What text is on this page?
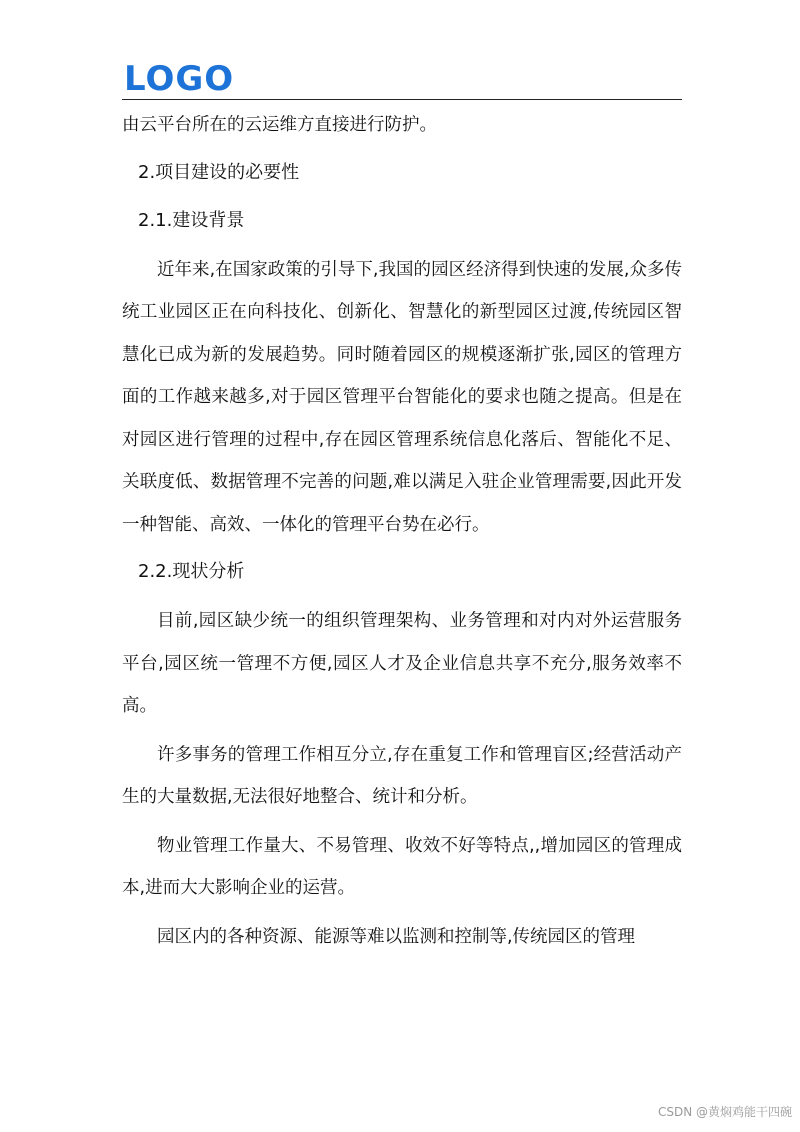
LOGO

由云平台所在的云运维方直接进行防护。

2.项目建设的必要性
2.1.建设背景

近年来,在国家政策的引导下,我国的园区经济得到快速的发展,众多传统工业园区正在向科技化、创新化、智慧化的新型园区过渡,传统园区智慧化已成为新的发展趋势。同时随着园区的规模逐渐扩张,园区的管理方面的工作越来越多,对于园区管理平台智能化的要求也随之提高。但是在对园区进行管理的过程中,存在园区管理系统信息化落后、智能化不足、关联度低、数据管理不完善的问题,难以满足入驻企业管理需要,因此开发一种智能、高效、一体化的管理平台势在必行。

2.2.现状分析

目前,园区缺少统一的组织管理架构、业务管理和对内对外运营服务平台,园区统一管理不方便,园区人才及企业信息共享不充分,服务效率不高。

许多事务的管理工作相互分立,存在重复工作和管理盲区;经营活动产生的大量数据,无法很好地整合、统计和分析。

物业管理工作量大、不易管理、收效不好等特点,,增加园区的管理成本,进而大大影响企业的运营。

园区内的各种资源、能源等难以监测和控制等,传统园区的管理

CSDN @黄焖鸡能干四碗
